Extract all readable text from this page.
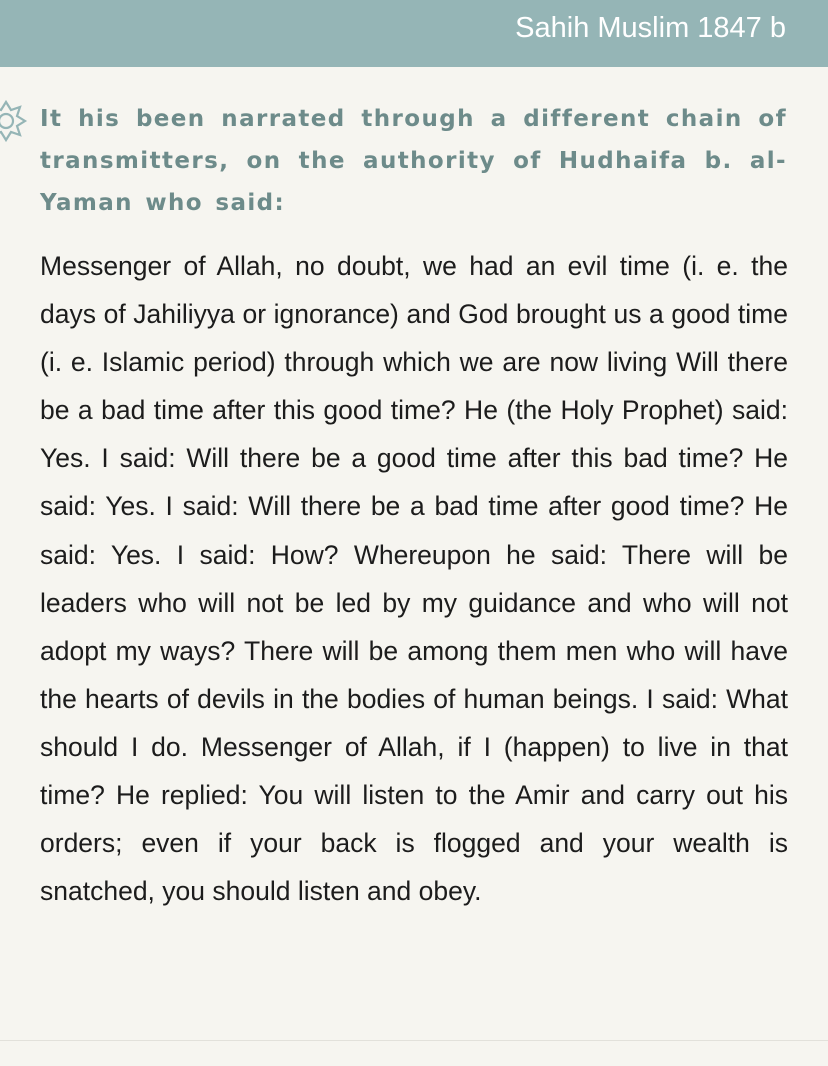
Sahih Muslim 1847 b
It his been narrated through a different chain of transmitters, on the authority of Hudhaifa b. al-Yaman who said:
Messenger of Allah, no doubt, we had an evil time (i. e. the days of Jahiliyya or ignorance) and God brought us a good time (i. e. Islamic period) through which we are now living Will there be a bad time after this good time? He (the Holy Prophet) said: Yes. I said: Will there be a good time after this bad time? He said: Yes. I said: Will there be a bad time after good time? He said: Yes. I said: How? Whereupon he said: There will be leaders who will not be led by my guidance and who will not adopt my ways? There will be among them men who will have the hearts of devils in the bodies of human beings. I said: What should I do. Messenger of Allah, if I (happen) to live in that time? He replied: You will listen to the Amir and carry out his orders; even if your back is flogged and your wealth is snatched, you should listen and obey.
